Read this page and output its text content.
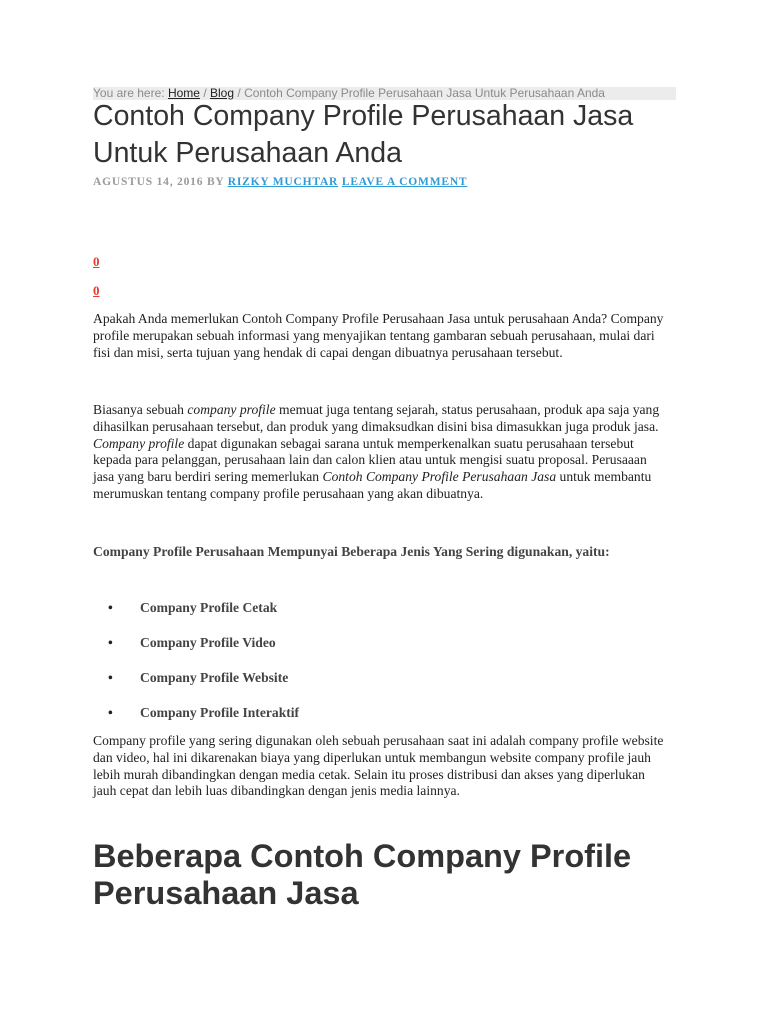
You are here: Home / Blog / Contoh Company Profile Perusahaan Jasa Untuk Perusahaan Anda
Contoh Company Profile Perusahaan Jasa Untuk Perusahaan Anda
AGUSTUS 14, 2016 BY RIZKY MUCHTAR LEAVE A COMMENT
0
0

Apakah Anda memerlukan Contoh Company Profile Perusahaan Jasa untuk perusahaan Anda? Company profile merupakan sebuah informasi yang menyajikan tentang gambaran sebuah perusahaan, mulai dari fisi dan misi, serta tujuan yang hendak di capai dengan dibuatnya perusahaan tersebut.

Biasanya sebuah company profile memuat juga tentang sejarah, status perusahaan, produk apa saja yang dihasilkan perusahaan tersebut, dan produk yang dimaksudkan disini bisa dimasukkan juga produk jasa. Company profile dapat digunakan sebagai sarana untuk memperkenalkan suatu perusahaan tersebut kepada para pelanggan, perusahaan lain dan calon klien atau untuk mengisi suatu proposal. Perusaaan jasa yang baru berdiri sering memerlukan Contoh Company Profile Perusahaan Jasa untuk membantu merumuskan tentang company profile perusahaan yang akan dibuatnya.

Company Profile Perusahaan Mempunyai Beberapa Jenis Yang Sering digunakan, yaitu:

• Company Profile Cetak
• Company Profile Video
• Company Profile Website
• Company Profile Interaktif

Company profile yang sering digunakan oleh sebuah perusahaan saat ini adalah company profile website dan video, hal ini dikarenakan biaya yang diperlukan untuk membangun website company profile jauh lebih murah dibandingkan dengan media cetak. Selain itu proses distribusi dan akses yang diperlukan jauh cepat dan lebih luas dibandingkan dengan jenis media lainnya.

Beberapa Contoh Company Profile Perusahaan Jasa
